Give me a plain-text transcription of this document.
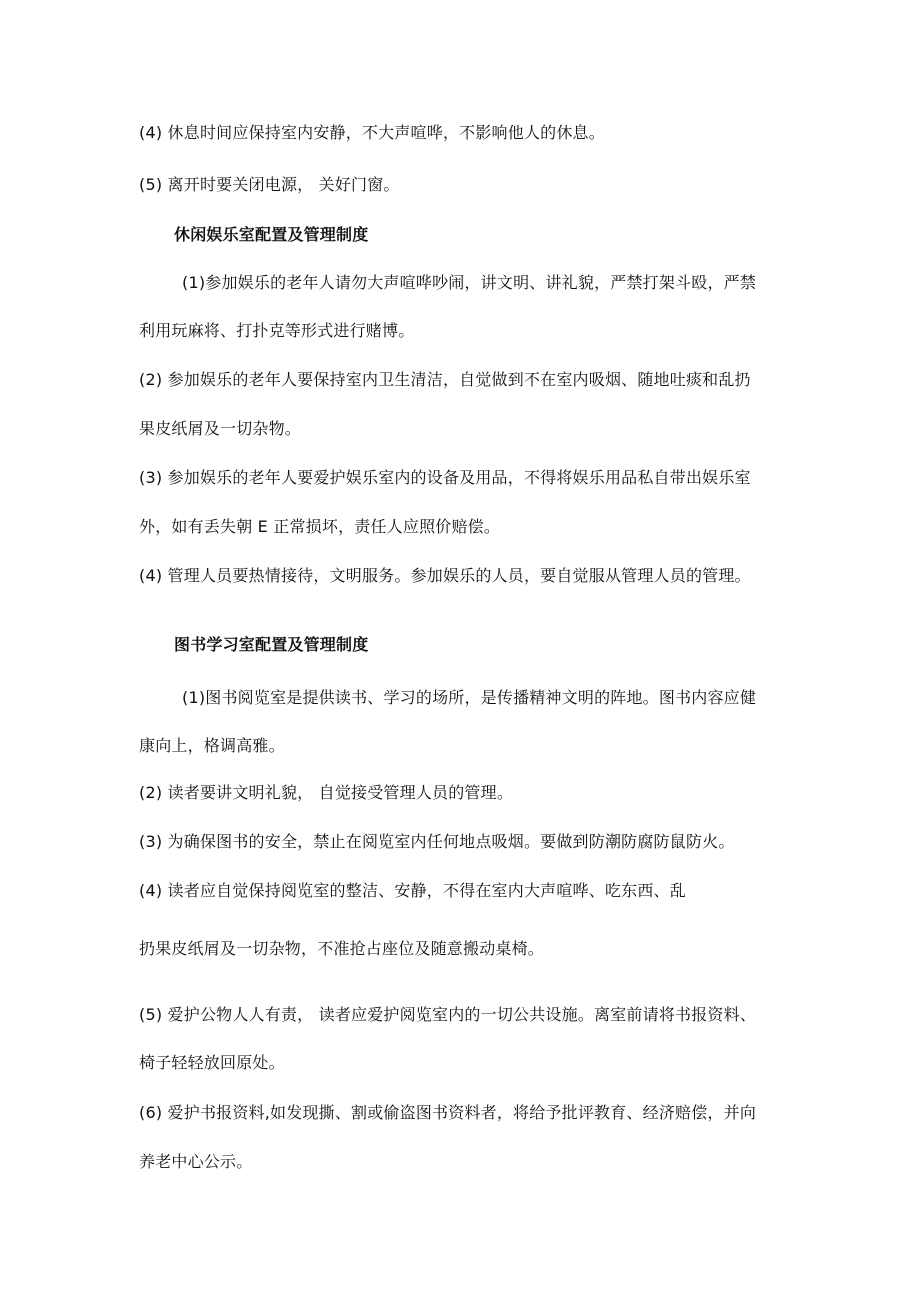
(4) 休息时间应保持室内安静，不大声喧哗，不影响他人的休息。
(5) 离开时要关闭电源， 关好门窗。
休闲娱乐室配置及管理制度
(1)参加娱乐的老年人请勿大声喧哗吵闹，讲文明、讲礼貌，严禁打架斗殴，严禁
利用玩麻将、打扑克等形式进行赌博。
(2) 参加娱乐的老年人要保持室内卫生清洁，自觉做到不在室内吸烟、随地吐痰和乱扔
果皮纸屑及一切杂物。
(3) 参加娱乐的老年人要爱护娱乐室内的设备及用品，不得将娱乐用品私自带出娱乐室
外，如有丢失朝 E 正常损坏，责任人应照价赔偿。
(4) 管理人员要热情接待，文明服务。参加娱乐的人员，要自觉服从管理人员的管理。
图书学习室配置及管理制度
(1)图书阅览室是提供读书、学习的场所，是传播精神文明的阵地。图书内容应健
康向上，格调高雅。
(2) 读者要讲文明礼貌， 自觉接受管理人员的管理。
(3) 为确保图书的安全，禁止在阅览室内任何地点吸烟。要做到防潮防腐防鼠防火。
(4) 读者应自觉保持阅览室的整洁、安静，不得在室内大声喧哗、吃东西、乱
扔果皮纸屑及一切杂物，不准抢占座位及随意搬动桌椅。
(5) 爱护公物人人有责， 读者应爱护阅览室内的一切公共设施。离室前请将书报资料、
椅子轻轻放回原处。
(6) 爱护书报资料,如发现撕、割或偷盗图书资料者，将给予批评教育、经济赔偿，并向
养老中心公示。
